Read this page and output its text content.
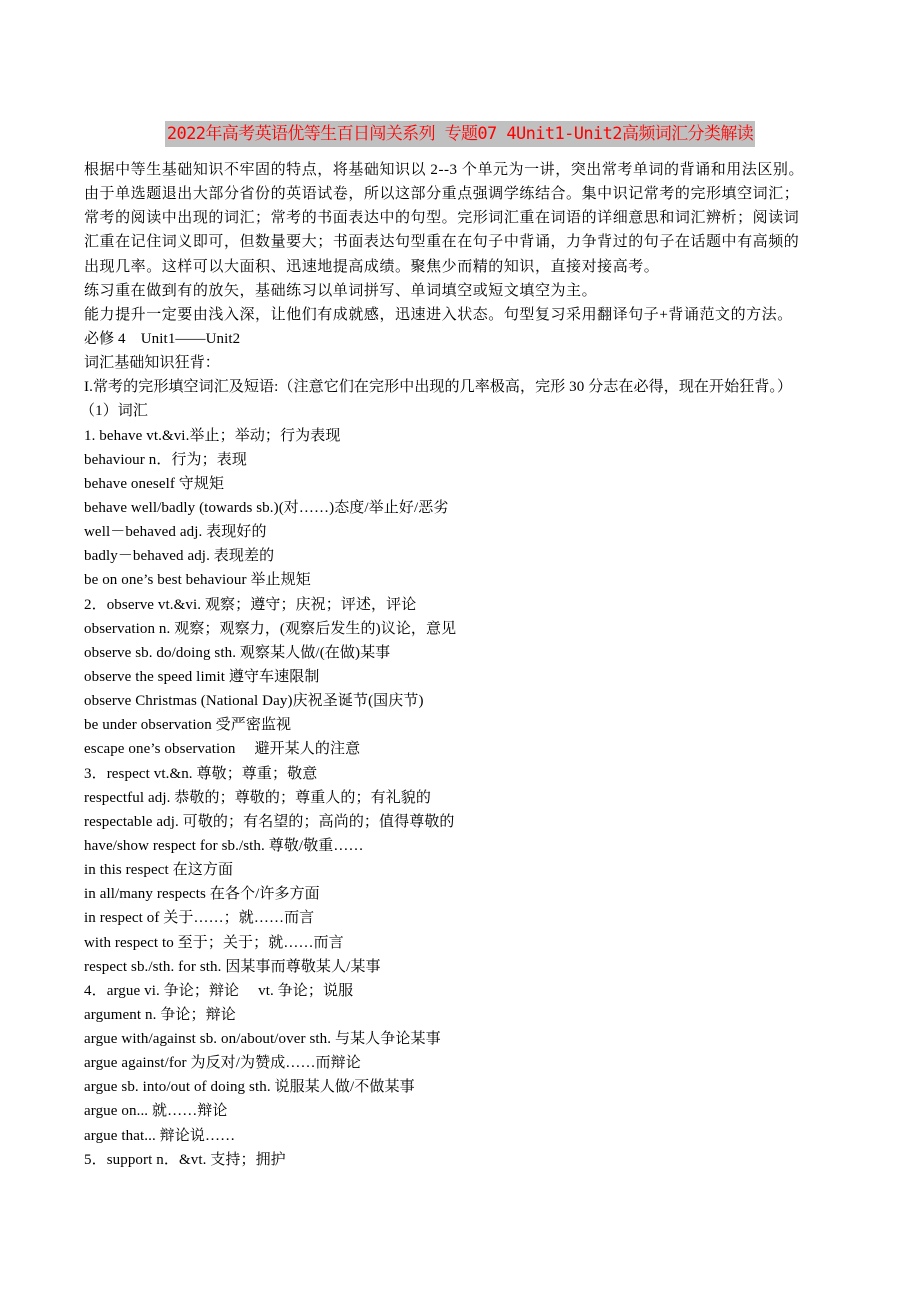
2022年高考英语优等生百日闯关系列 专题07 4Unit1-Unit2高频词汇分类解读
根据中等生基础知识不牢固的特点，将基础知识以 2--3 个单元为一讲，突出常考单词的背诵和用法区别。
由于单选题退出大部分省份的英语试卷，所以这部分重点强调学练结合。集中识记常考的完形填空词汇；
常考的阅读中出现的词汇；常考的书面表达中的句型。完形词汇重在词语的详细意思和词汇辨析；阅读词
汇重在记住词义即可，但数量要大；书面表达句型重在在句子中背诵，力争背过的句子在话题中有高频的
出现几率。这样可以大面积、迅速地提高成绩。聚焦少而精的知识，直接对接高考。
练习重在做到有的放矢，基础练习以单词拼写、单词填空或短文填空为主。
能力提升一定要由浅入深，让他们有成就感，迅速进入状态。句型复习采用翻译句子+背诵范文的方法。
必修 4　Unit1——Unit2
词汇基础知识狂背：
I.常考的完形填空词汇及短语:（注意它们在完形中出现的几率极高，完形 30 分志在必得，现在开始狂背。）
（1）词汇
1. behave vt.&vi.举止；举动；行为表现
behaviour n．行为；表现
behave oneself 守规矩
behave well/badly (towards sb.)(对……)态度/举止好/恶劣
well－behaved adj. 表现好的
badly－behaved adj. 表现差的
be on one’s best behaviour 举止规矩
2．observe vt.&vi. 观察；遵守；庆祝；评述，评论
observation n. 观察；观察力，(观察后发生的)议论，意见
observe sb. do/doing sth. 观察某人做/(在做)某事
observe the speed limit 遵守车速限制
observe Christmas (National Day)庆祝圣诞节(国庆节)
be under observation 受严密监视
escape one’s observation　 避开某人的注意
3．respect vt.&n. 尊敬；尊重；敬意
respectful adj. 恭敬的；尊敬的；尊重人的；有礼貌的
respectable adj. 可敬的；有名望的；高尚的；值得尊敬的
have/show respect for sb./sth. 尊敬/敬重……
in this respect 在这方面
in all/many respects 在各个/许多方面
in respect of 关于……；就……而言
with respect to 至于；关于；就……而言
respect sb./sth. for sth. 因某事而尊敬某人/某事
4．argue vi. 争论；辩论　 vt. 争论；说服
argument n. 争论；辩论
argue with/against sb. on/about/over sth. 与某人争论某事
argue against/for 为反对/为赞成……而辩论
argue sb. into/out of doing sth. 说服某人做/不做某事
argue on... 就……辩论
argue that... 辩论说……
5．support n．&vt. 支持；拥护
